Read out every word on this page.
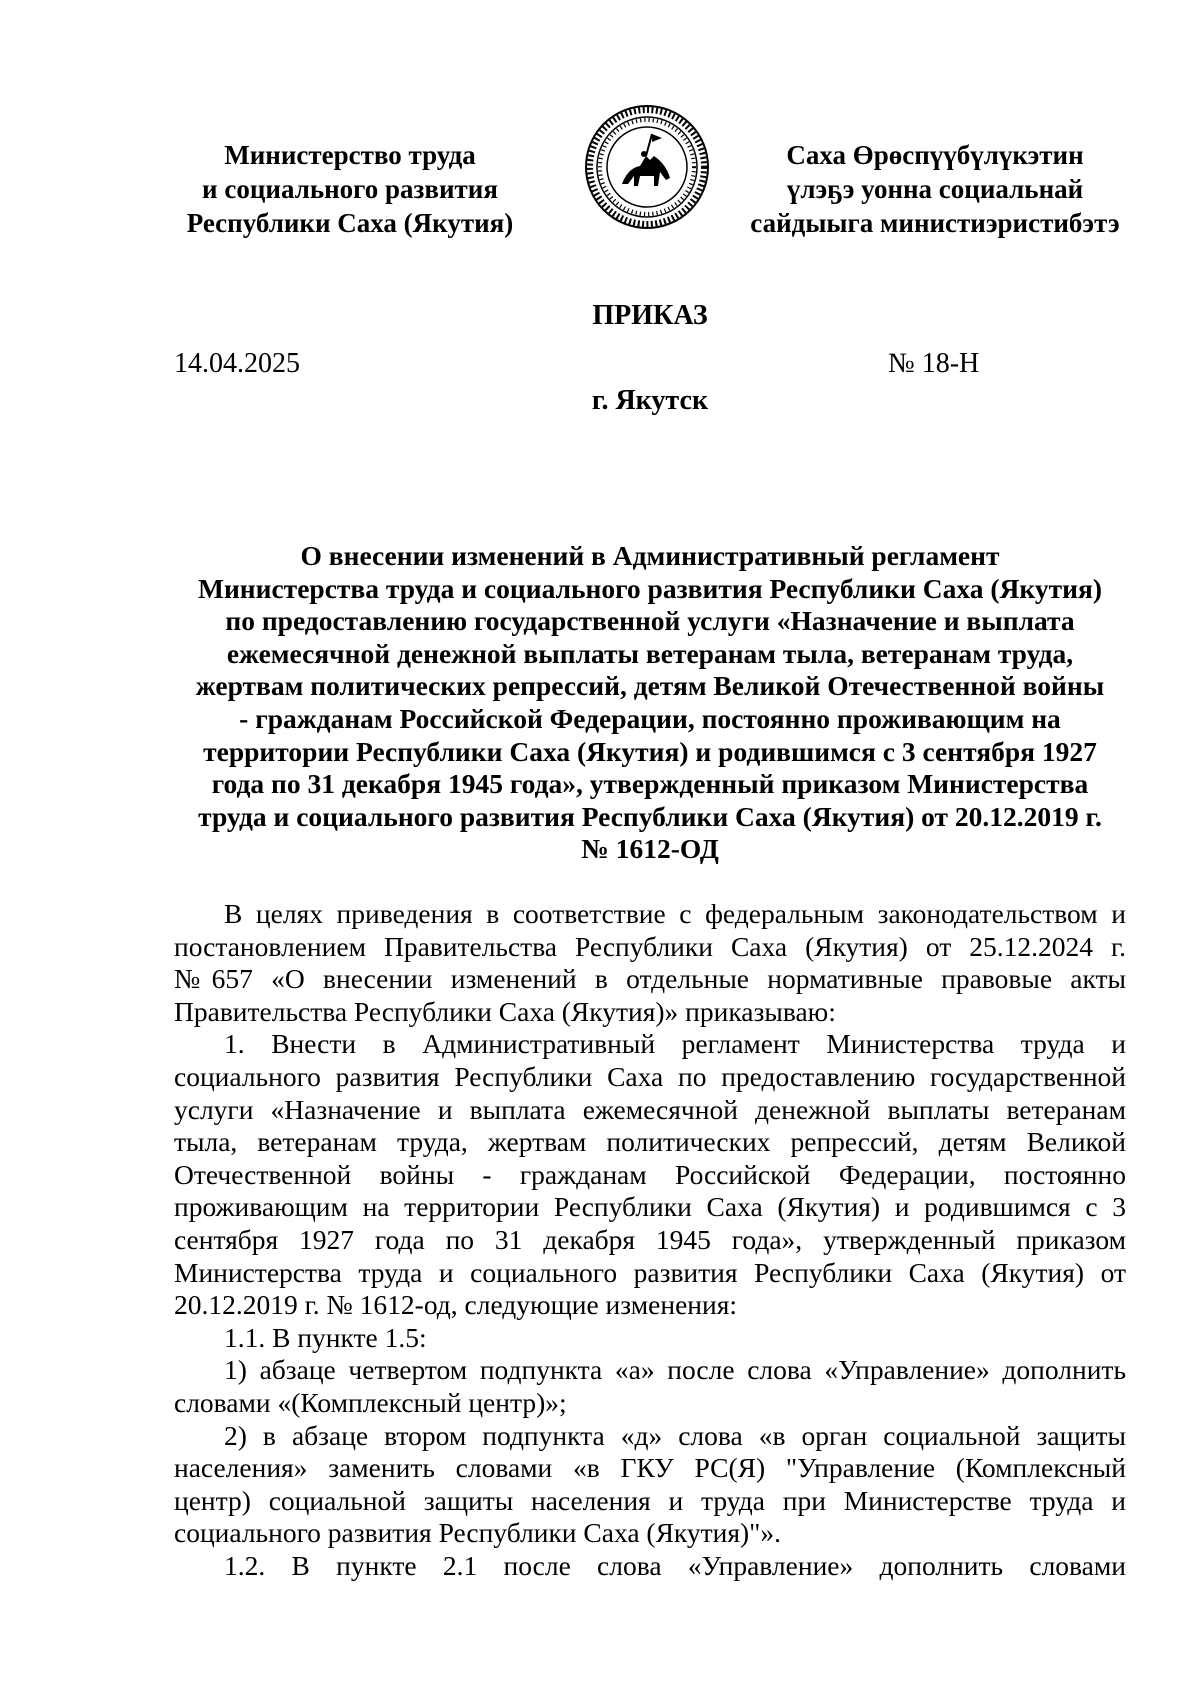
Министерство труда
и социального развития
Республики Саха (Якутия)
Саха Өрөспүүбүлүкэтин
үлэҕэ уонна социальнай
сайдыыга министиэристибэтэ
ПРИКАЗ
14.04.2025	№ 18-Н
г. Якутск
О внесении изменений в Административный регламент
Министерства труда и социального развития Республики Саха (Якутия)
по предоставлению государственной услуги «Назначение и выплата
ежемесячной денежной выплаты ветеранам тыла, ветеранам труда,
жертвам политических репрессий, детям Великой Отечественной войны
- гражданам Российской Федерации, постоянно проживающим на
территории Республики Саха (Якутия) и родившимся с 3 сентября 1927
года по 31 декабря 1945 года», утвержденный приказом Министерства
труда и социального развития Республики Саха (Якутия) от 20.12.2019 г.
№ 1612-ОД
В целях приведения в соответствие с федеральным законодательством и
постановлением Правительства Республики Саха (Якутия) от 25.12.2024 г.
№657 «О внесении изменений в отдельные нормативные правовые акты
Правительства Республики Саха (Якутия)» приказываю:
1. Внести в Административный регламент Министерства труда и
социального развития Республики Саха по предоставлению государственной
услуги «Назначение и выплата ежемесячной денежной выплаты ветеранам
тыла, ветеранам труда, жертвам политических репрессий, детям Великой
Отечественной войны - гражданам Российской Федерации, постоянно
проживающим на территории Республики Саха (Якутия) и родившимся с 3
сентября 1927 года по 31 декабря 1945 года», утвержденный приказом
Министерства труда и социального развития Республики Саха (Якутия) от
20.12.2019 г. № 1612-од, следующие изменения:
1.1. В пункте 1.5:
1) абзаце четвертом подпункта «а» после слова «Управление» дополнить
словами «(Комплексный центр)»;
2) в абзаце втором подпункта «д» слова «в орган социальной защиты
населения» заменить словами «в ГКУ РС(Я) "Управление (Комплексный
центр) социальной защиты населения и труда при Министерстве труда и
социального развития Республики Саха (Якутия)"».
1.2. В пункте 2.1 после слова «Управление» дополнить словами
